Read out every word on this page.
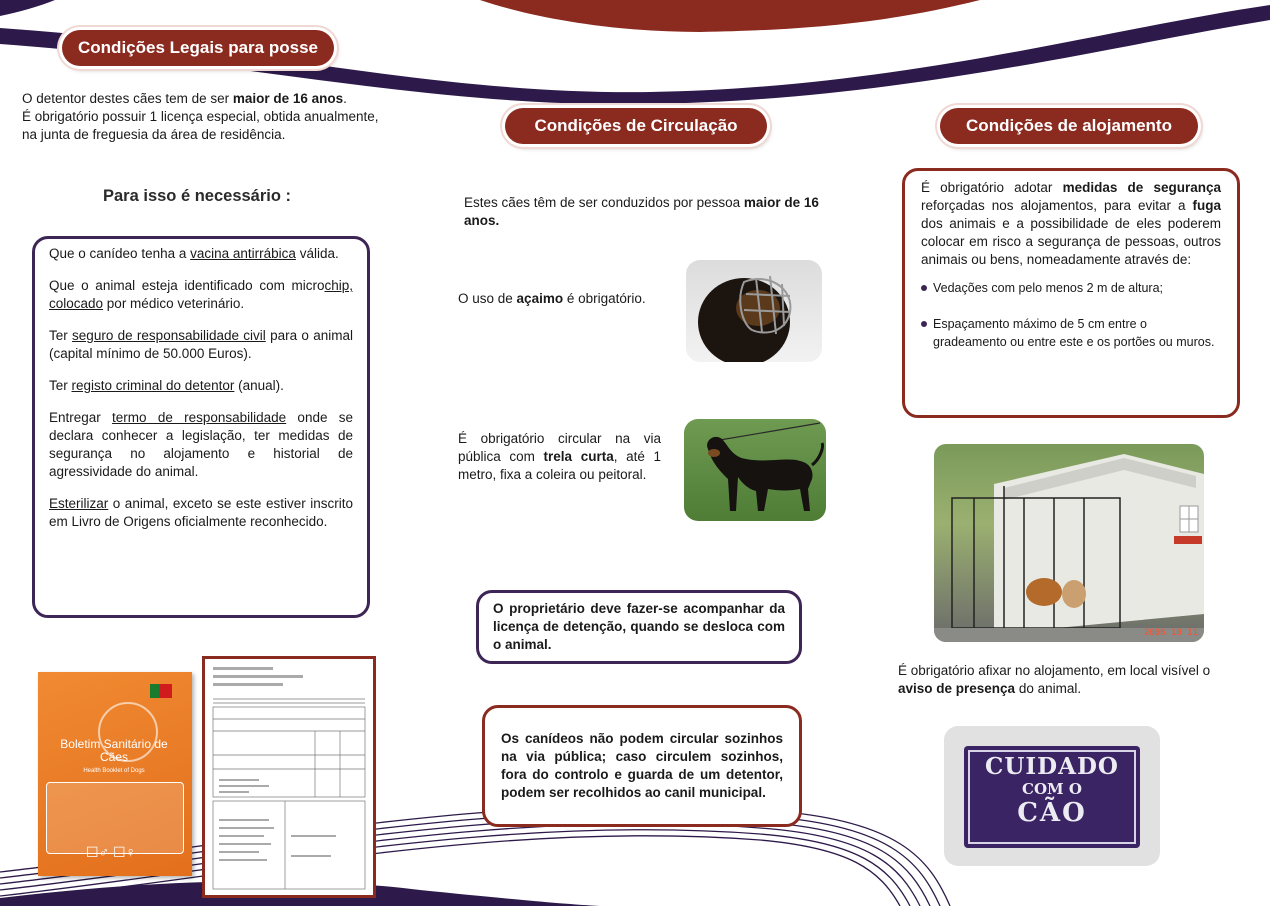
Condições Legais para posse
O detentor destes cães tem de ser maior de 16 anos.
É obrigatório possuir 1 licença especial, obtida anualmente, na junta de freguesia da área de residência.
Para isso é necessário :
Que o canídeo tenha a vacina antirrábica válida.
Que o animal esteja identificado com microchip, colocado por médico veterinário.
Ter seguro de responsabilidade civil para o animal (capital mínimo de 50.000 Euros).
Ter registo criminal do detentor (anual).
Entregar termo de responsabilidade onde se declara conhecer a legislação, ter medidas de segurança no alojamento e historial de agressividade do animal.
Esterilizar o animal, exceto se este estiver inscrito em Livro de Origens oficialmente reconhecido.
Boletim Sanitário de Cães
Health Booklet of Dogs
☐♂ ☐♀
Condições de Circulação
Estes cães têm de ser conduzidos por pessoa maior de 16 anos.
O uso de açaimo é obrigatório.
É obrigatório circular na via pública com trela curta, até 1 metro, fixa a coleira ou peitoral.
O proprietário deve fazer-se acompanhar da licença de detenção, quando se desloca com o animal.
Os canídeos não podem circular sozinhos na via pública; caso circulem sozinhos, fora do controlo e guarda de um detentor, podem ser recolhidos ao canil municipal.
Condições de alojamento
É obrigatório adotar medidas de segurança reforçadas nos alojamentos, para evitar a fuga dos animais e a possibilidade de eles poderem colocar em risco a segurança de pessoas, outros animais ou bens, nomeadamente através de:
Vedações com pelo menos 2 m de altura;
Espaçamento máximo de 5 cm entre o gradeamento ou entre este e os portões ou muros.
2006 10 11
É obrigatório afixar no alojamento, em local visível o aviso de presença do animal.
CUIDADO
COM O
CÃO
